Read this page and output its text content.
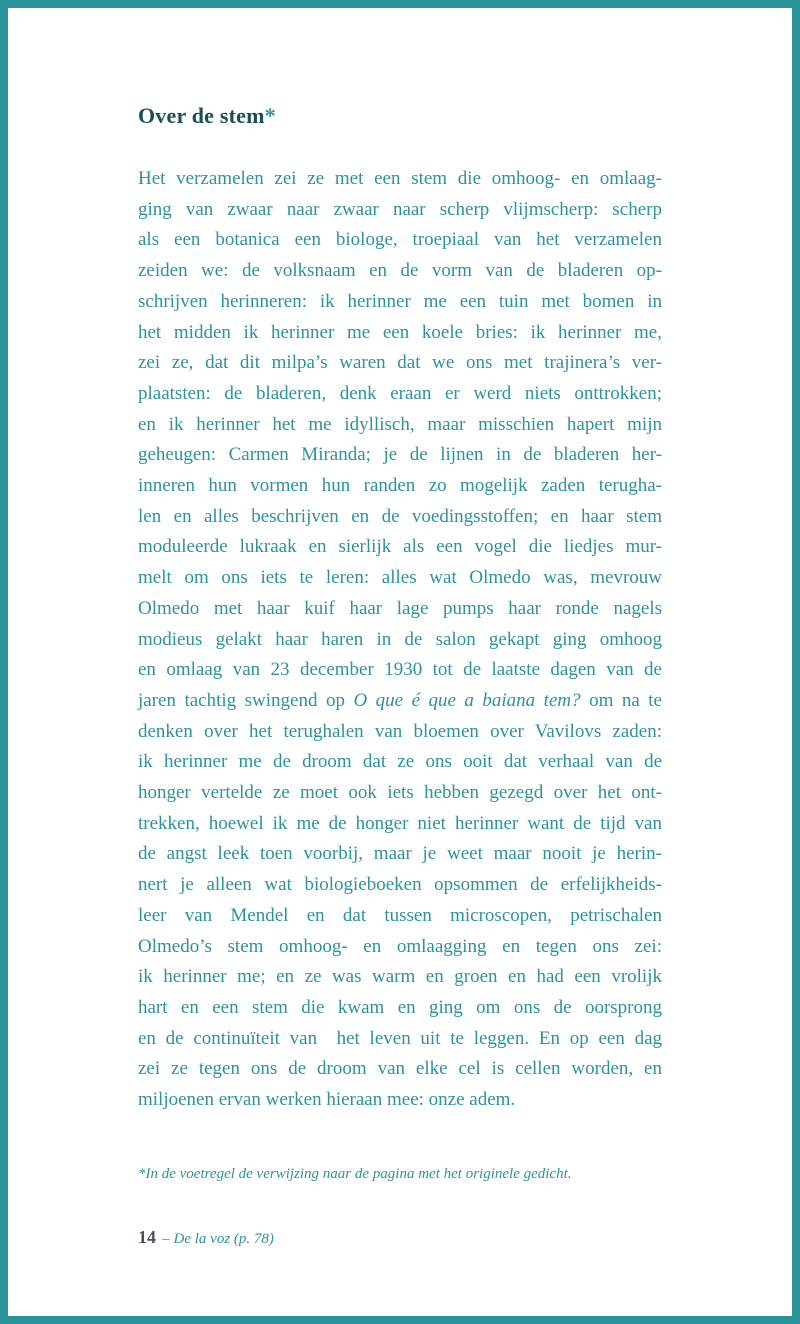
Over de stem*
Het verzamelen zei ze met een stem die omhoog- en omlaag-
ging van zwaar naar zwaar naar scherp vlijmscherp: scherp
als een botanica een biologe, troepiaal van het verzamelen
zeiden we: de volksnaam en de vorm van de bladeren op-
schrijven herinneren: ik herinner me een tuin met bomen in
het midden ik herinner me een koele bries: ik herinner me,
zei ze, dat dit milpa’s waren dat we ons met trajinera’s ver-
plaatsten: de bladeren, denk eraan er werd niets onttrokken;
en ik herinner het me idyllisch, maar misschien hapert mijn
geheugen: Carmen Miranda; je de lijnen in de bladeren her-
inneren hun vormen hun randen zo mogelijk zaden terugha-
len en alles beschrijven en de voedingsstoffen; en haar stem
moduleerde lukraak en sierlijk als een vogel die liedjes mur-
melt om ons iets te leren: alles wat Olmedo was, mevrouw
Olmedo met haar kuif haar lage pumps haar ronde nagels
modieus gelakt haar haren in de salon gekapt ging omhoog
en omlaag van 23 december 1930 tot de laatste dagen van de
jaren tachtig swingend op O que é que a baiana tem? om na te
denken over het terughalen van bloemen over Vavilovs zaden:
ik herinner me de droom dat ze ons ooit dat verhaal van de
honger vertelde ze moet ook iets hebben gezegd over het ont-
trekken, hoewel ik me de honger niet herinner want de tijd van
de angst leek toen voorbij, maar je weet maar nooit je herin-
nert je alleen wat biologieboeken opsommen de erfelijkheids-
leer van Mendel en dat tussen microscopen, petrischalen
Olmedo’s stem omhoog- en omlaagging en tegen ons zei:
ik herinner me; en ze was warm en groen en had een vrolijk
hart en een stem die kwam en ging om ons de oorsprong
en de continuïteit van  het leven uit te leggen. En op een dag
zei ze tegen ons de droom van elke cel is cellen worden, en
miljoenen ervan werken hieraan mee: onze adem.
*In de voetregel de verwijzing naar de pagina met het originele gedicht.
14 – De la voz (p. 78)
